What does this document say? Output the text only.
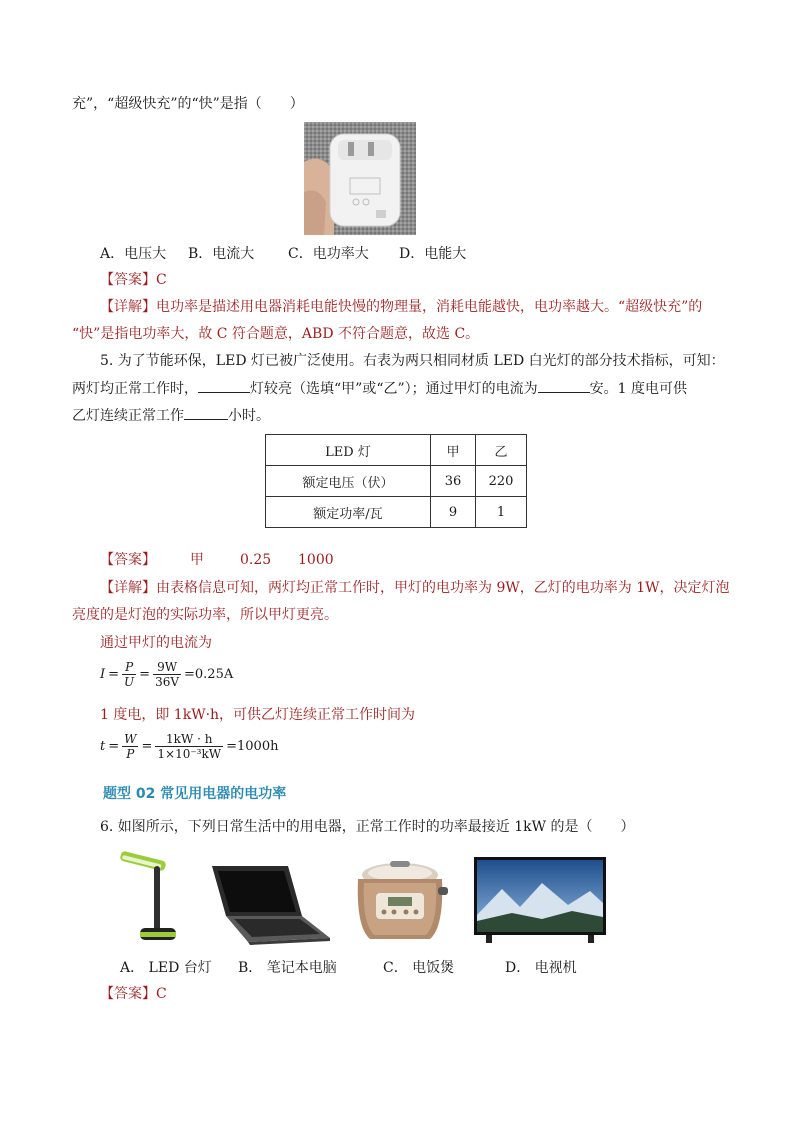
充”，“超级快充”的“快”是指（　　）
A．电压大 B．电流大 C．电功率大 D．电能大
【答案】C
【详解】电功率是描述用电器消耗电能快慢的物理量，消耗电能越快，电功率越大。“超级快充”的
“快”是指电功率大，故 C 符合题意，ABD 不符合题意，故选 C。
5. 为了节能环保，LED 灯已被广泛使用。右表为两只相同材质 LED 白光灯的部分技术指标，可知：
两灯均正常工作时，	灯较亮（选填“甲”或“乙”）；通过甲灯的电流为	安。1 度电可供
乙灯连续正常工作	小时。
LED 灯	甲	乙
额定电压（伏）	36	220
额定功率/瓦	9	1
【答案】 甲	0.25 1000
【详解】由表格信息可知，两灯均正常工作时，甲灯的电功率为 9W，乙灯的电功率为 1W，决定灯泡
亮度的是灯泡的实际功率，所以甲灯更亮。
通过甲灯的电流为
$I = \frac{P}{U} = \frac{9W}{36V} =0.25A$
1 度电，即 1kW·h，可供乙灯连续正常工作时间为
$t = \frac{W}{P} = \frac{1kW \cdot h}{\text{1×10⁻³kW}} =1000h$
题型 02 常见用电器的电功率
6. 如图所示，下列日常生活中的用电器，正常工作时的功率最接近 1kW 的是（　　）
A． LED 台灯 B． 笔记本电脑	C． 电饭煲	D． 电视机
【答案】C
